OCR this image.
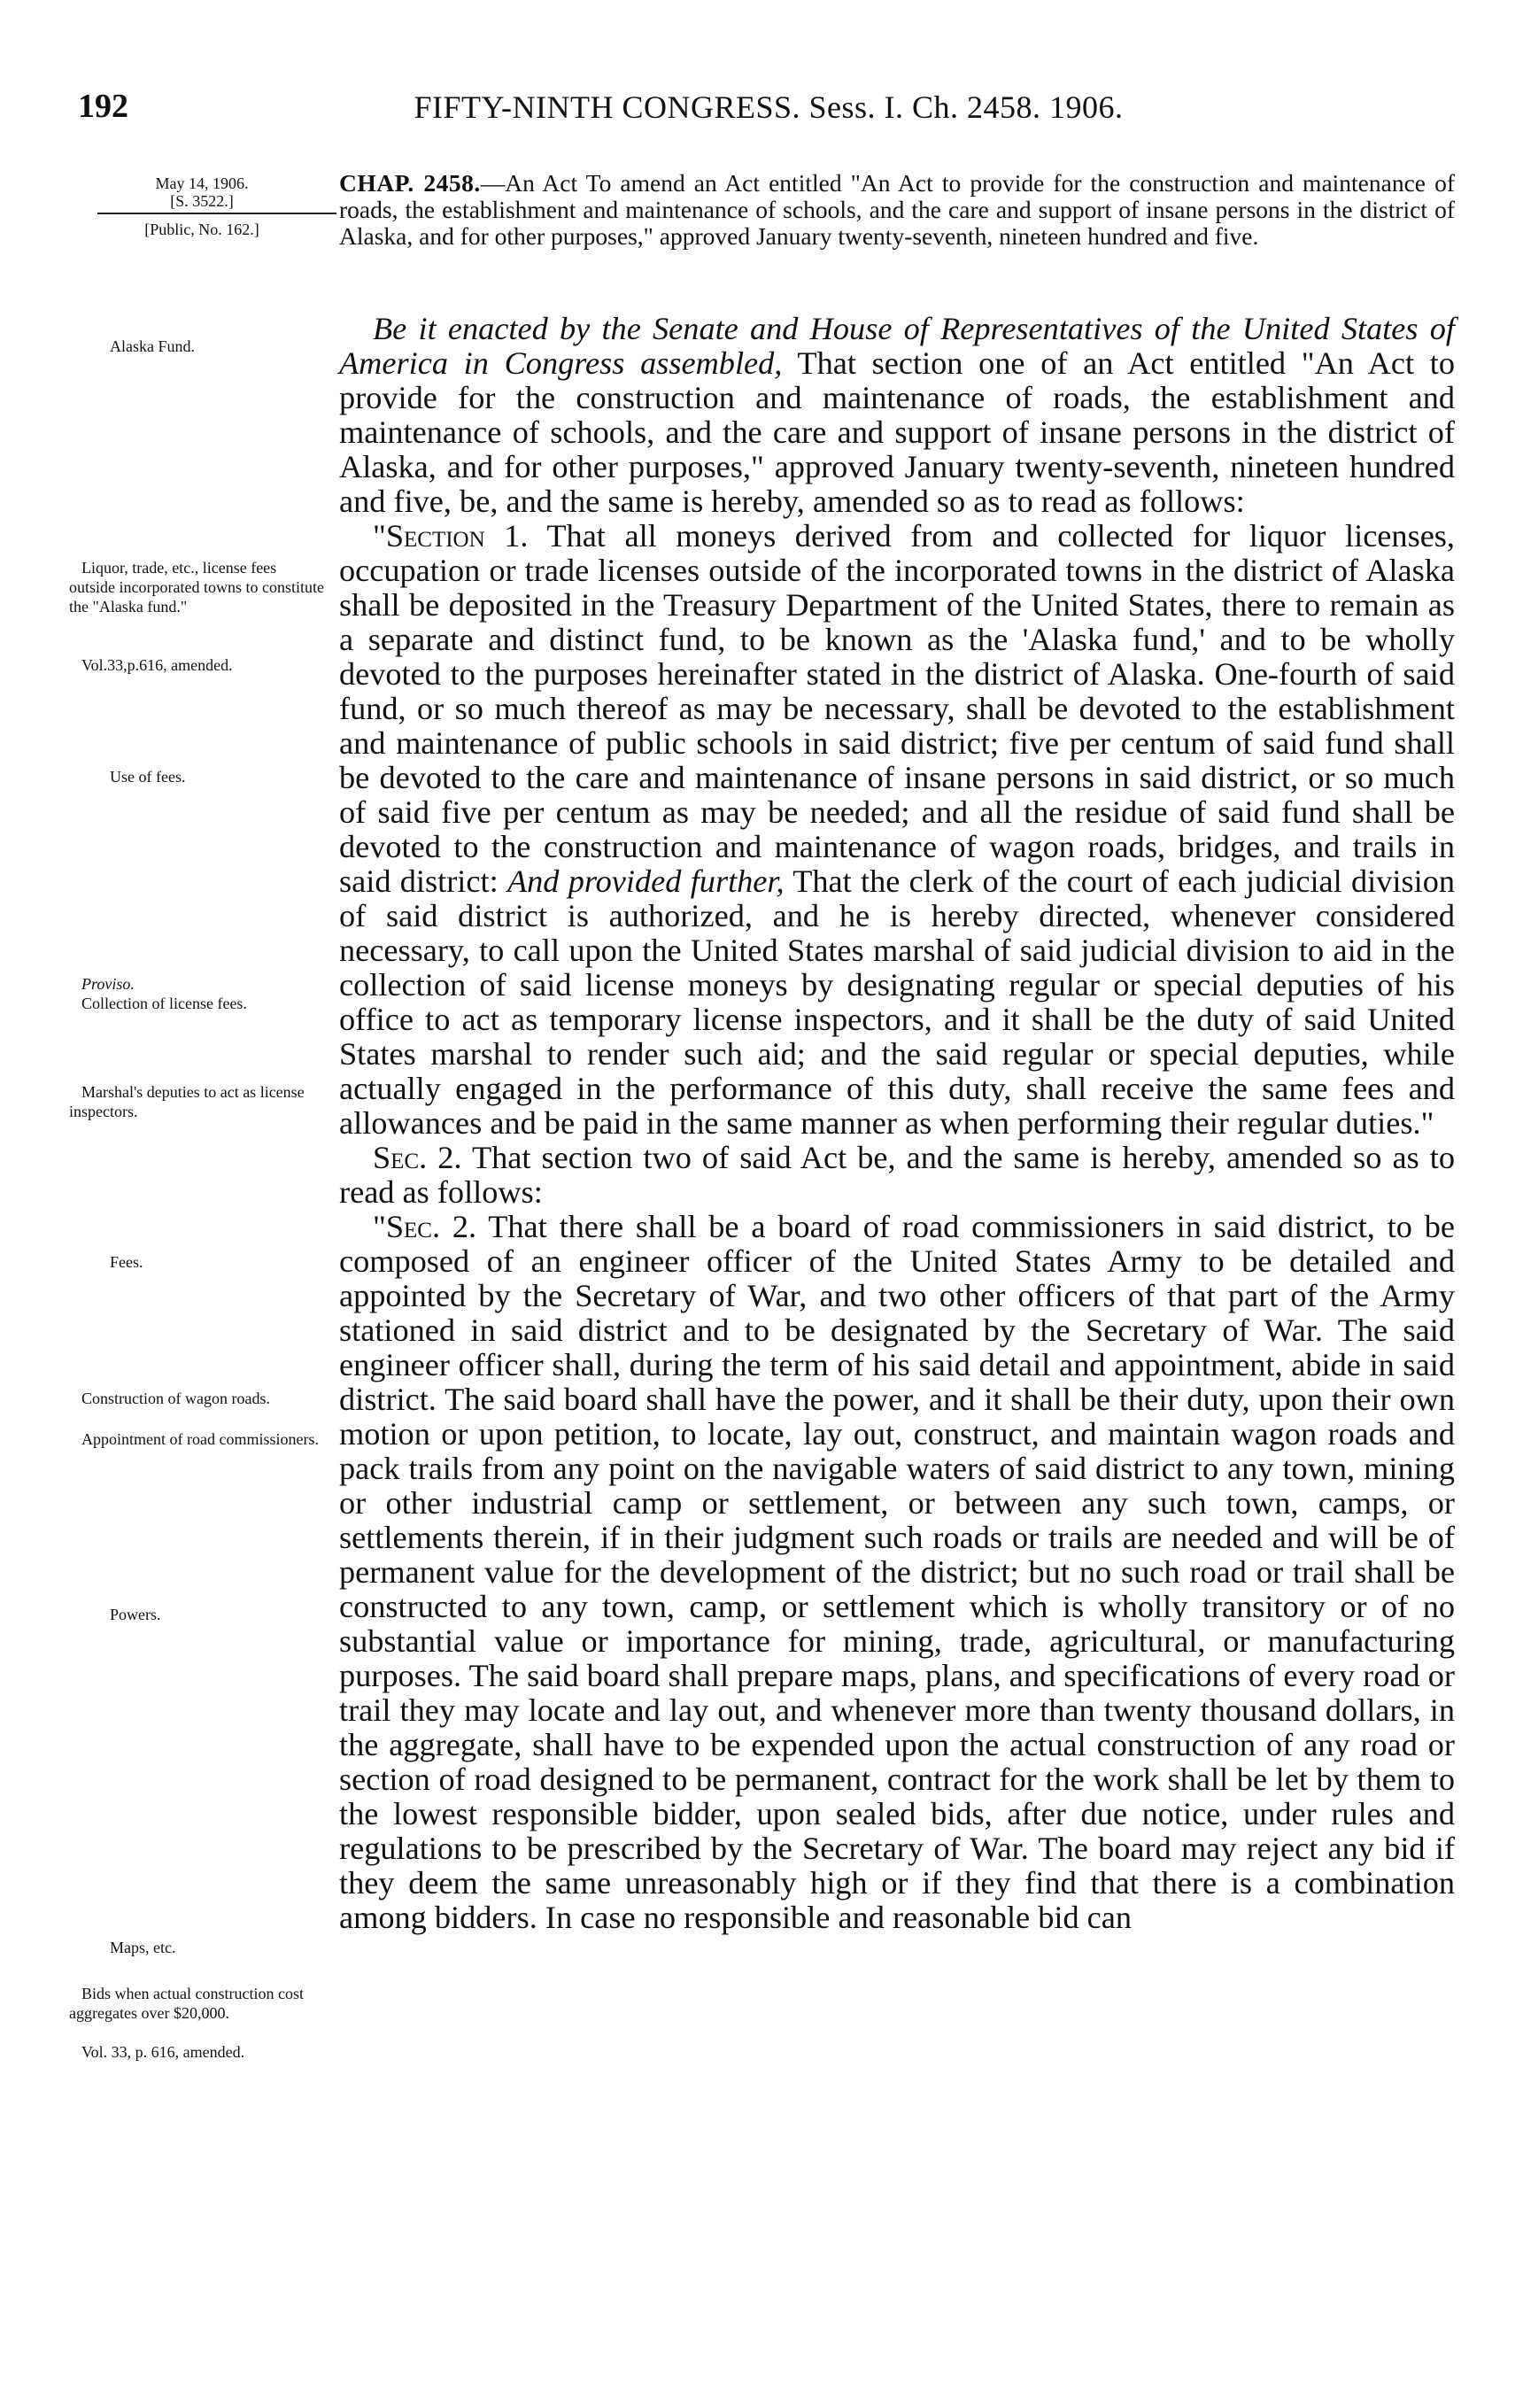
192	FIFTY-NINTH CONGRESS. Sess. I. Ch. 2458. 1906.
May 14, 1906.
[S. 3522.]
[Public, No. 162.]
Alaska Fund.
Liquor, trade, etc., license fees outside incorporated towns to constitute the "Alaska fund."
Vol.33,p.616, amended.
Use of fees.
Proviso.
Collection of license fees.
Marshal's deputies to act as license inspectors.
Fees.
Construction of wagon roads.
Appointment of road commissioners.
Powers.
Maps, etc.
Bids when actual construction cost aggregates over $20,000.
Vol. 33, p. 616, amended.
CHAP. 2458.—An Act To amend an Act entitled "An Act to provide for the construction and maintenance of roads, the establishment and maintenance of schools, and the care and support of insane persons in the district of Alaska, and for other purposes," approved January twenty-seventh, nineteen hundred and five.

Be it enacted by the Senate and House of Representatives of the United States of America in Congress assembled, That section one of an Act entitled "An Act to provide for the construction and maintenance of roads, the establishment and maintenance of schools, and the care and support of insane persons in the district of Alaska, and for other purposes," approved January twenty-seventh, nineteen hundred and five, be, and the same is hereby, amended so as to read as follows:

"Section 1. That all moneys derived from and collected for liquor licenses, occupation or trade licenses outside of the incorporated towns in the district of Alaska shall be deposited in the Treasury Department of the United States, there to remain as a separate and distinct fund, to be known as the 'Alaska fund,' and to be wholly devoted to the purposes hereinafter stated in the district of Alaska. One-fourth of said fund, or so much thereof as may be necessary, shall be devoted to the establishment and maintenance of public schools in said district; five per centum of said fund shall be devoted to the care and maintenance of insane persons in said district, or so much of said five per centum as may be needed; and all the residue of said fund shall be devoted to the construction and maintenance of wagon roads, bridges, and trails in said district: And provided further, That the clerk of the court of each judicial division of said district is authorized, and he is hereby directed, whenever considered necessary, to call upon the United States marshal of said judicial division to aid in the collection of said license moneys by designating regular or special deputies of his office to act as temporary license inspectors, and it shall be the duty of said United States marshal to render such aid; and the said regular or special deputies, while actually engaged in the performance of this duty, shall receive the same fees and allowances and be paid in the same manner as when performing their regular duties."

Sec. 2. That section two of said Act be, and the same is hereby, amended so as to read as follows:

"Sec. 2. That there shall be a board of road commissioners in said district, to be composed of an engineer officer of the United States Army to be detailed and appointed by the Secretary of War, and two other officers of that part of the Army stationed in said district and to be designated by the Secretary of War. The said engineer officer shall, during the term of his said detail and appointment, abide in said district. The said board shall have the power, and it shall be their duty, upon their own motion or upon petition, to locate, lay out, construct, and maintain wagon roads and pack trails from any point on the navigable waters of said district to any town, mining or other industrial camp or settlement, or between any such town, camps, or settlements therein, if in their judgment such roads or trails are needed and will be of permanent value for the development of the district; but no such road or trail shall be constructed to any town, camp, or settlement which is wholly transitory or of no substantial value or importance for mining, trade, agricultural, or manufacturing purposes. The said board shall prepare maps, plans, and specifications of every road or trail they may locate and lay out, and whenever more than twenty thousand dollars, in the aggregate, shall have to be expended upon the actual construction of any road or section of road designed to be permanent, contract for the work shall be let by them to the lowest responsible bidder, upon sealed bids, after due notice, under rules and regulations to be prescribed by the Secretary of War. The board may reject any bid if they deem the same unreasonably high or if they find that there is a combination among bidders. In case no responsible and reasonable bid can
